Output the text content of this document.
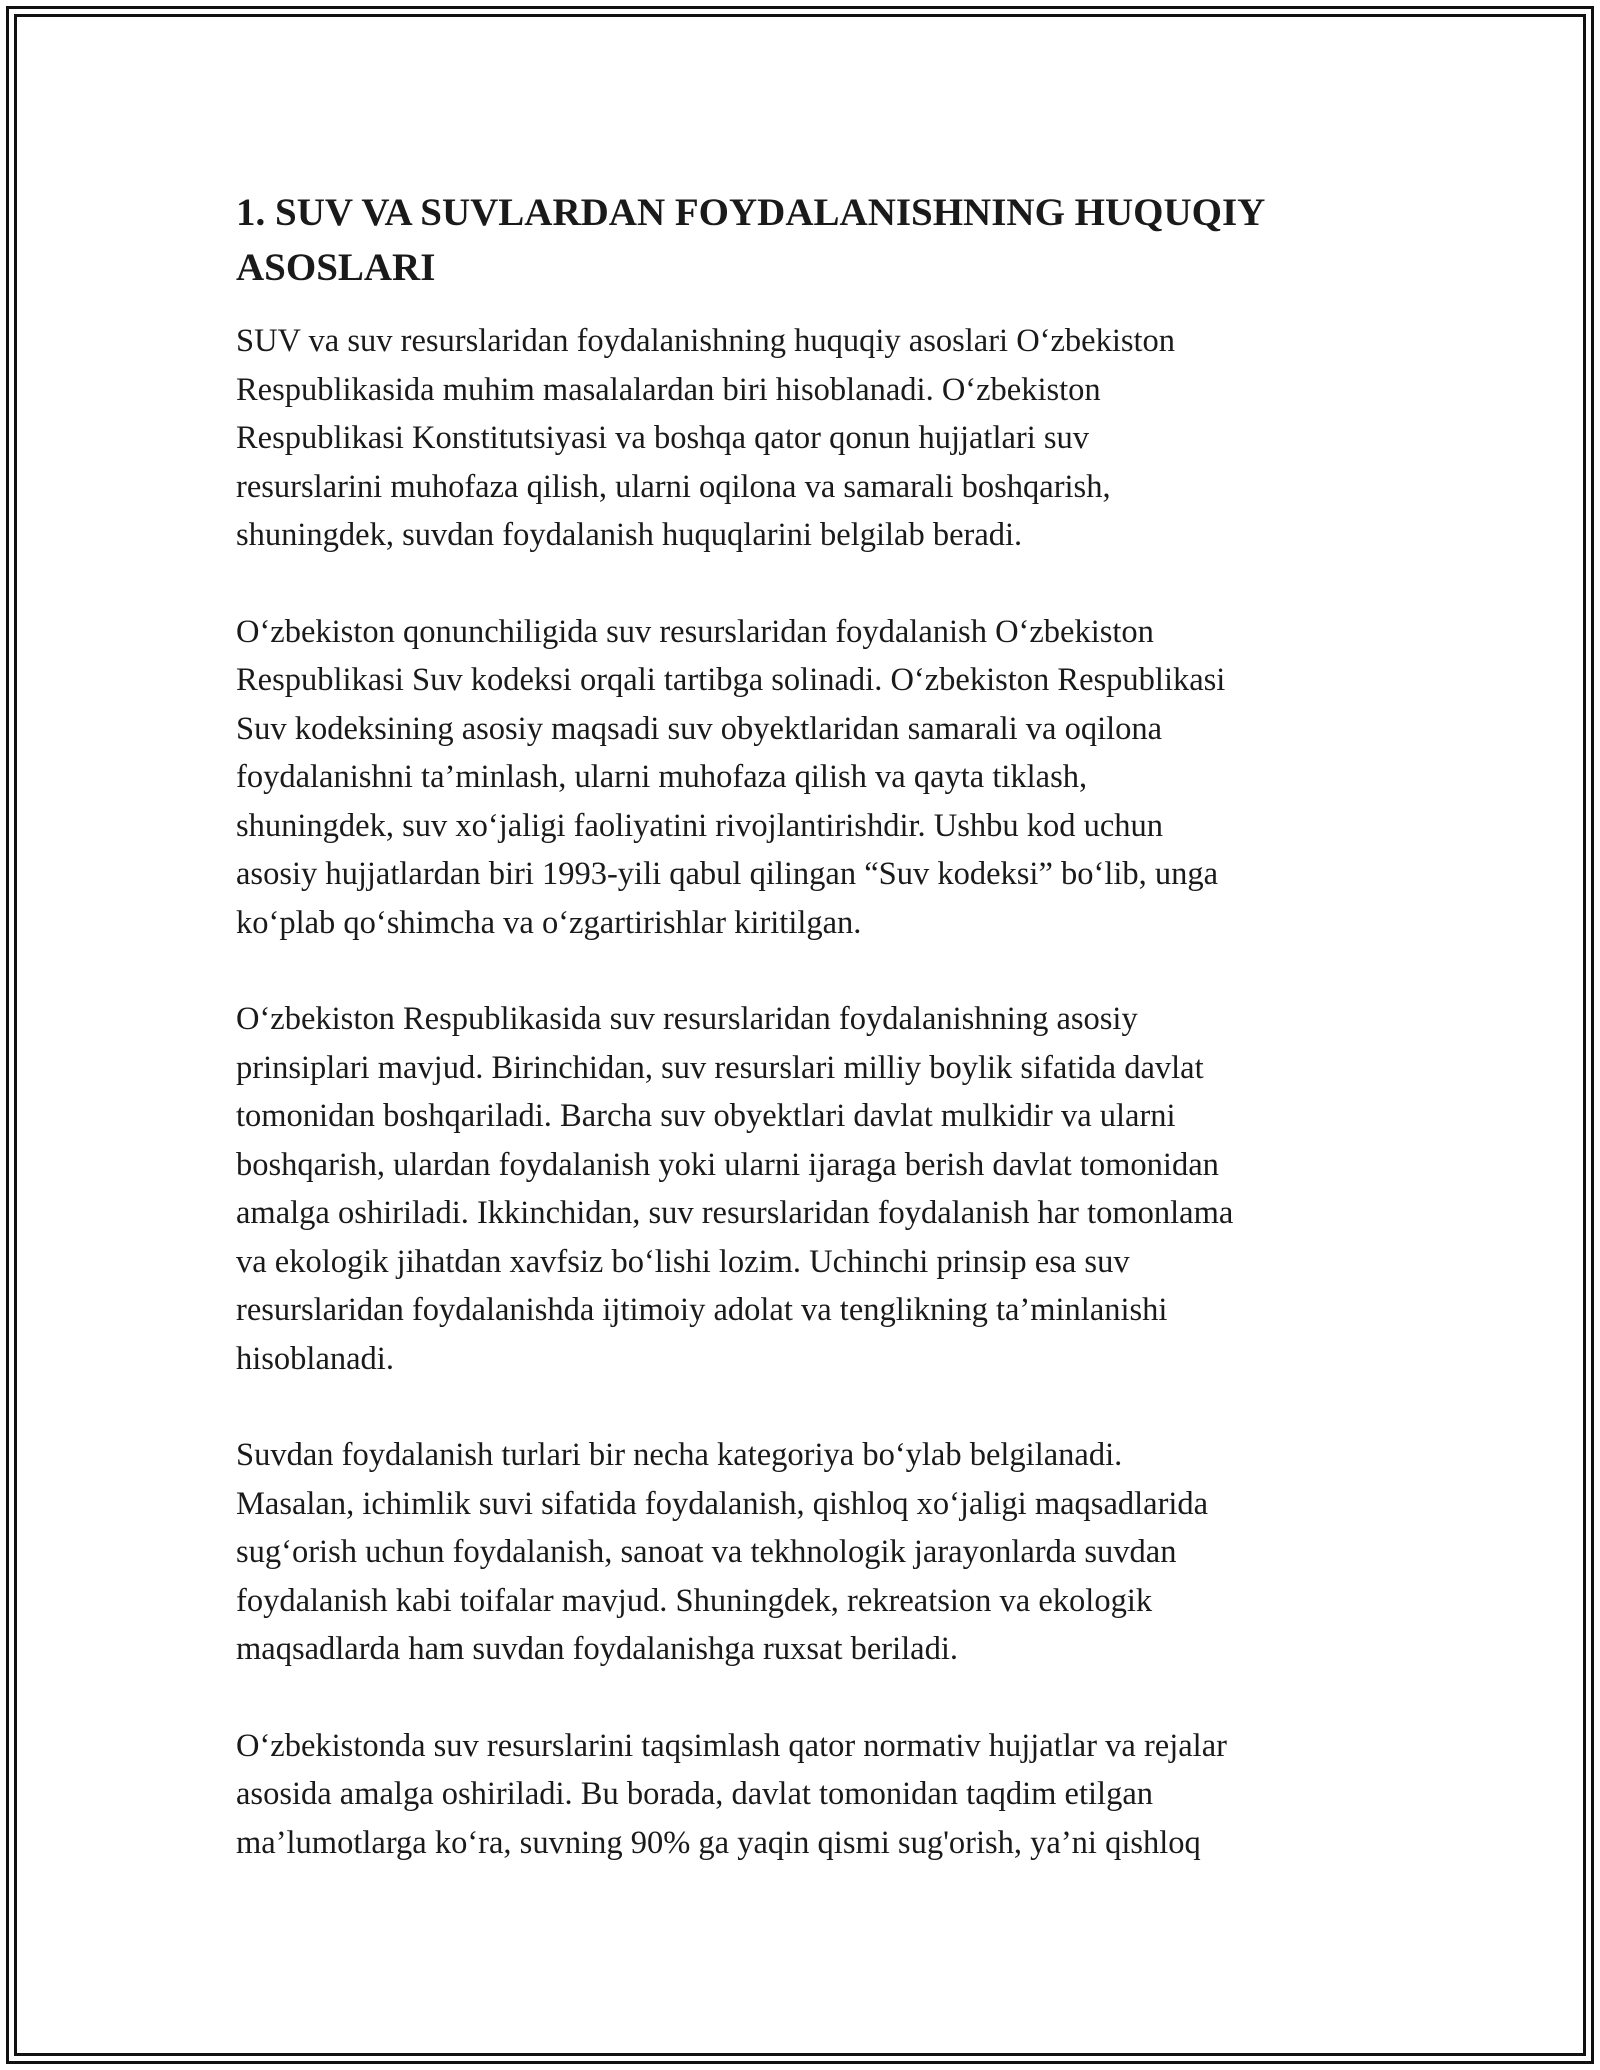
1. SUV VA SUVLARDAN FOYDALANISHNING HUQUQIY
ASOSLARI

SUV va suv resurslaridan foydalanishning huquqiy asoslari O‘zbekiston
Respublikasida muhim masalalardan biri hisoblanadi. O‘zbekiston
Respublikasi Konstitutsiyasi va boshqa qator qonun hujjatlari suv
resurslarini muhofaza qilish, ularni oqilona va samarali boshqarish,
shuningdek, suvdan foydalanish huquqlarini belgilab beradi.

O‘zbekiston qonunchiligida suv resurslaridan foydalanish O‘zbekiston
Respublikasi Suv kodeksi orqali tartibga solinadi. O‘zbekiston Respublikasi
Suv kodeksining asosiy maqsadi suv obyektlaridan samarali va oqilona
foydalanishni ta’minlash, ularni muhofaza qilish va qayta tiklash,
shuningdek, suv xo‘jaligi faoliyatini rivojlantirishdir. Ushbu kod uchun
asosiy hujjatlardan biri 1993-yili qabul qilingan “Suv kodeksi” bo‘lib, unga
ko‘plab qo‘shimcha va o‘zgartirishlar kiritilgan.

O‘zbekiston Respublikasida suv resurslaridan foydalanishning asosiy
prinsiplari mavjud. Birinchidan, suv resurslari milliy boylik sifatida davlat
tomonidan boshqariladi. Barcha suv obyektlari davlat mulkidir va ularni
boshqarish, ulardan foydalanish yoki ularni ijaraga berish davlat tomonidan
amalga oshiriladi. Ikkinchidan, suv resurslaridan foydalanish har tomonlama
va ekologik jihatdan xavfsiz bo‘lishi lozim. Uchinchi prinsip esa suv
resurslaridan foydalanishda ijtimoiy adolat va tenglikning ta’minlanishi
hisoblanadi.

Suvdan foydalanish turlari bir necha kategoriya bo‘ylab belgilanadi.
Masalan, ichimlik suvi sifatida foydalanish, qishloq xo‘jaligi maqsadlarida
sug‘orish uchun foydalanish, sanoat va tekhnologik jarayonlarda suvdan
foydalanish kabi toifalar mavjud. Shuningdek, rekreatsion va ekologik
maqsadlarda ham suvdan foydalanishga ruxsat beriladi.

O‘zbekistonda suv resurslarini taqsimlash qator normativ hujjatlar va rejalar
asosida amalga oshiriladi. Bu borada, davlat tomonidan taqdim etilgan
ma’lumotlarga ko‘ra, suvning 90% ga yaqin qismi sug'orish, ya’ni qishloq
